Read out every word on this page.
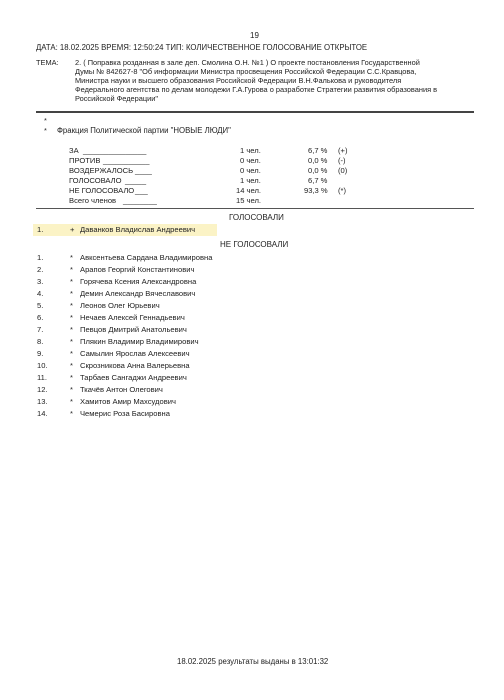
19
ДАТА: 18.02.2025 ВРЕМЯ: 12:50:24 ТИП: КОЛИЧЕСТВЕННОЕ ГОЛОСОВАНИЕ ОТКРЫТОЕ
ТЕМА: 2. ( Поправка розданная в зале деп. Смолина О.Н. №1 ) О проекте постановления Государственной
Думы № 842627-8 "Об информации Министра просвещения Российской Федерации С.С.Кравцова,
Министра науки и высшего образования Российской Федерации В.Н.Фалькова и руководителя
Федерального агентства по делам молодежи Г.А.Гурова о разработке Стратегии развития образования в
Российской Федерации"
*
* Фракция Политической партии "НОВЫЕ ЛЮДИ"
ЗА _______________	1 чел.	6,7 % (+)
ПРОТИВ ___________	0 чел.	0,0 % (-)
ВОЗДЕРЖАЛОСЬ ____	0 чел.	0,0 % (0)
ГОЛОСОВАЛО _____	1 чел.	6,7 %
НЕ ГОЛОСОВАЛО ___	14 чел.	93,3 % (*)
Всего членов ________	15 чел.
ГОЛОСОВАЛИ
1.	+ Даванков Владислав Андреевич
НЕ ГОЛОСОВАЛИ
1.	* Авксентьева Сардана Владимировна
2.	* Арапов Георгий Константинович
3.	* Горячева Ксения Александровна
4.	* Демин Александр Вячеславович
5.	* Леонов Олег Юрьевич
6.	* Нечаев Алексей Геннадьевич
7.	* Певцов Дмитрий Анатольевич
8.	* Плякин Владимир Владимирович
9.	* Самылин Ярослав Алексеевич
10.	* Скрозникова Анна Валерьевна
11.	* Тарбаев Сангаджи Андреевич
12.	* Ткачёв Антон Олегович
13.	* Хамитов Амир Махсудович
14.	* Чемерис Роза Басировна
18.02.2025 результаты выданы в 13:01:32
